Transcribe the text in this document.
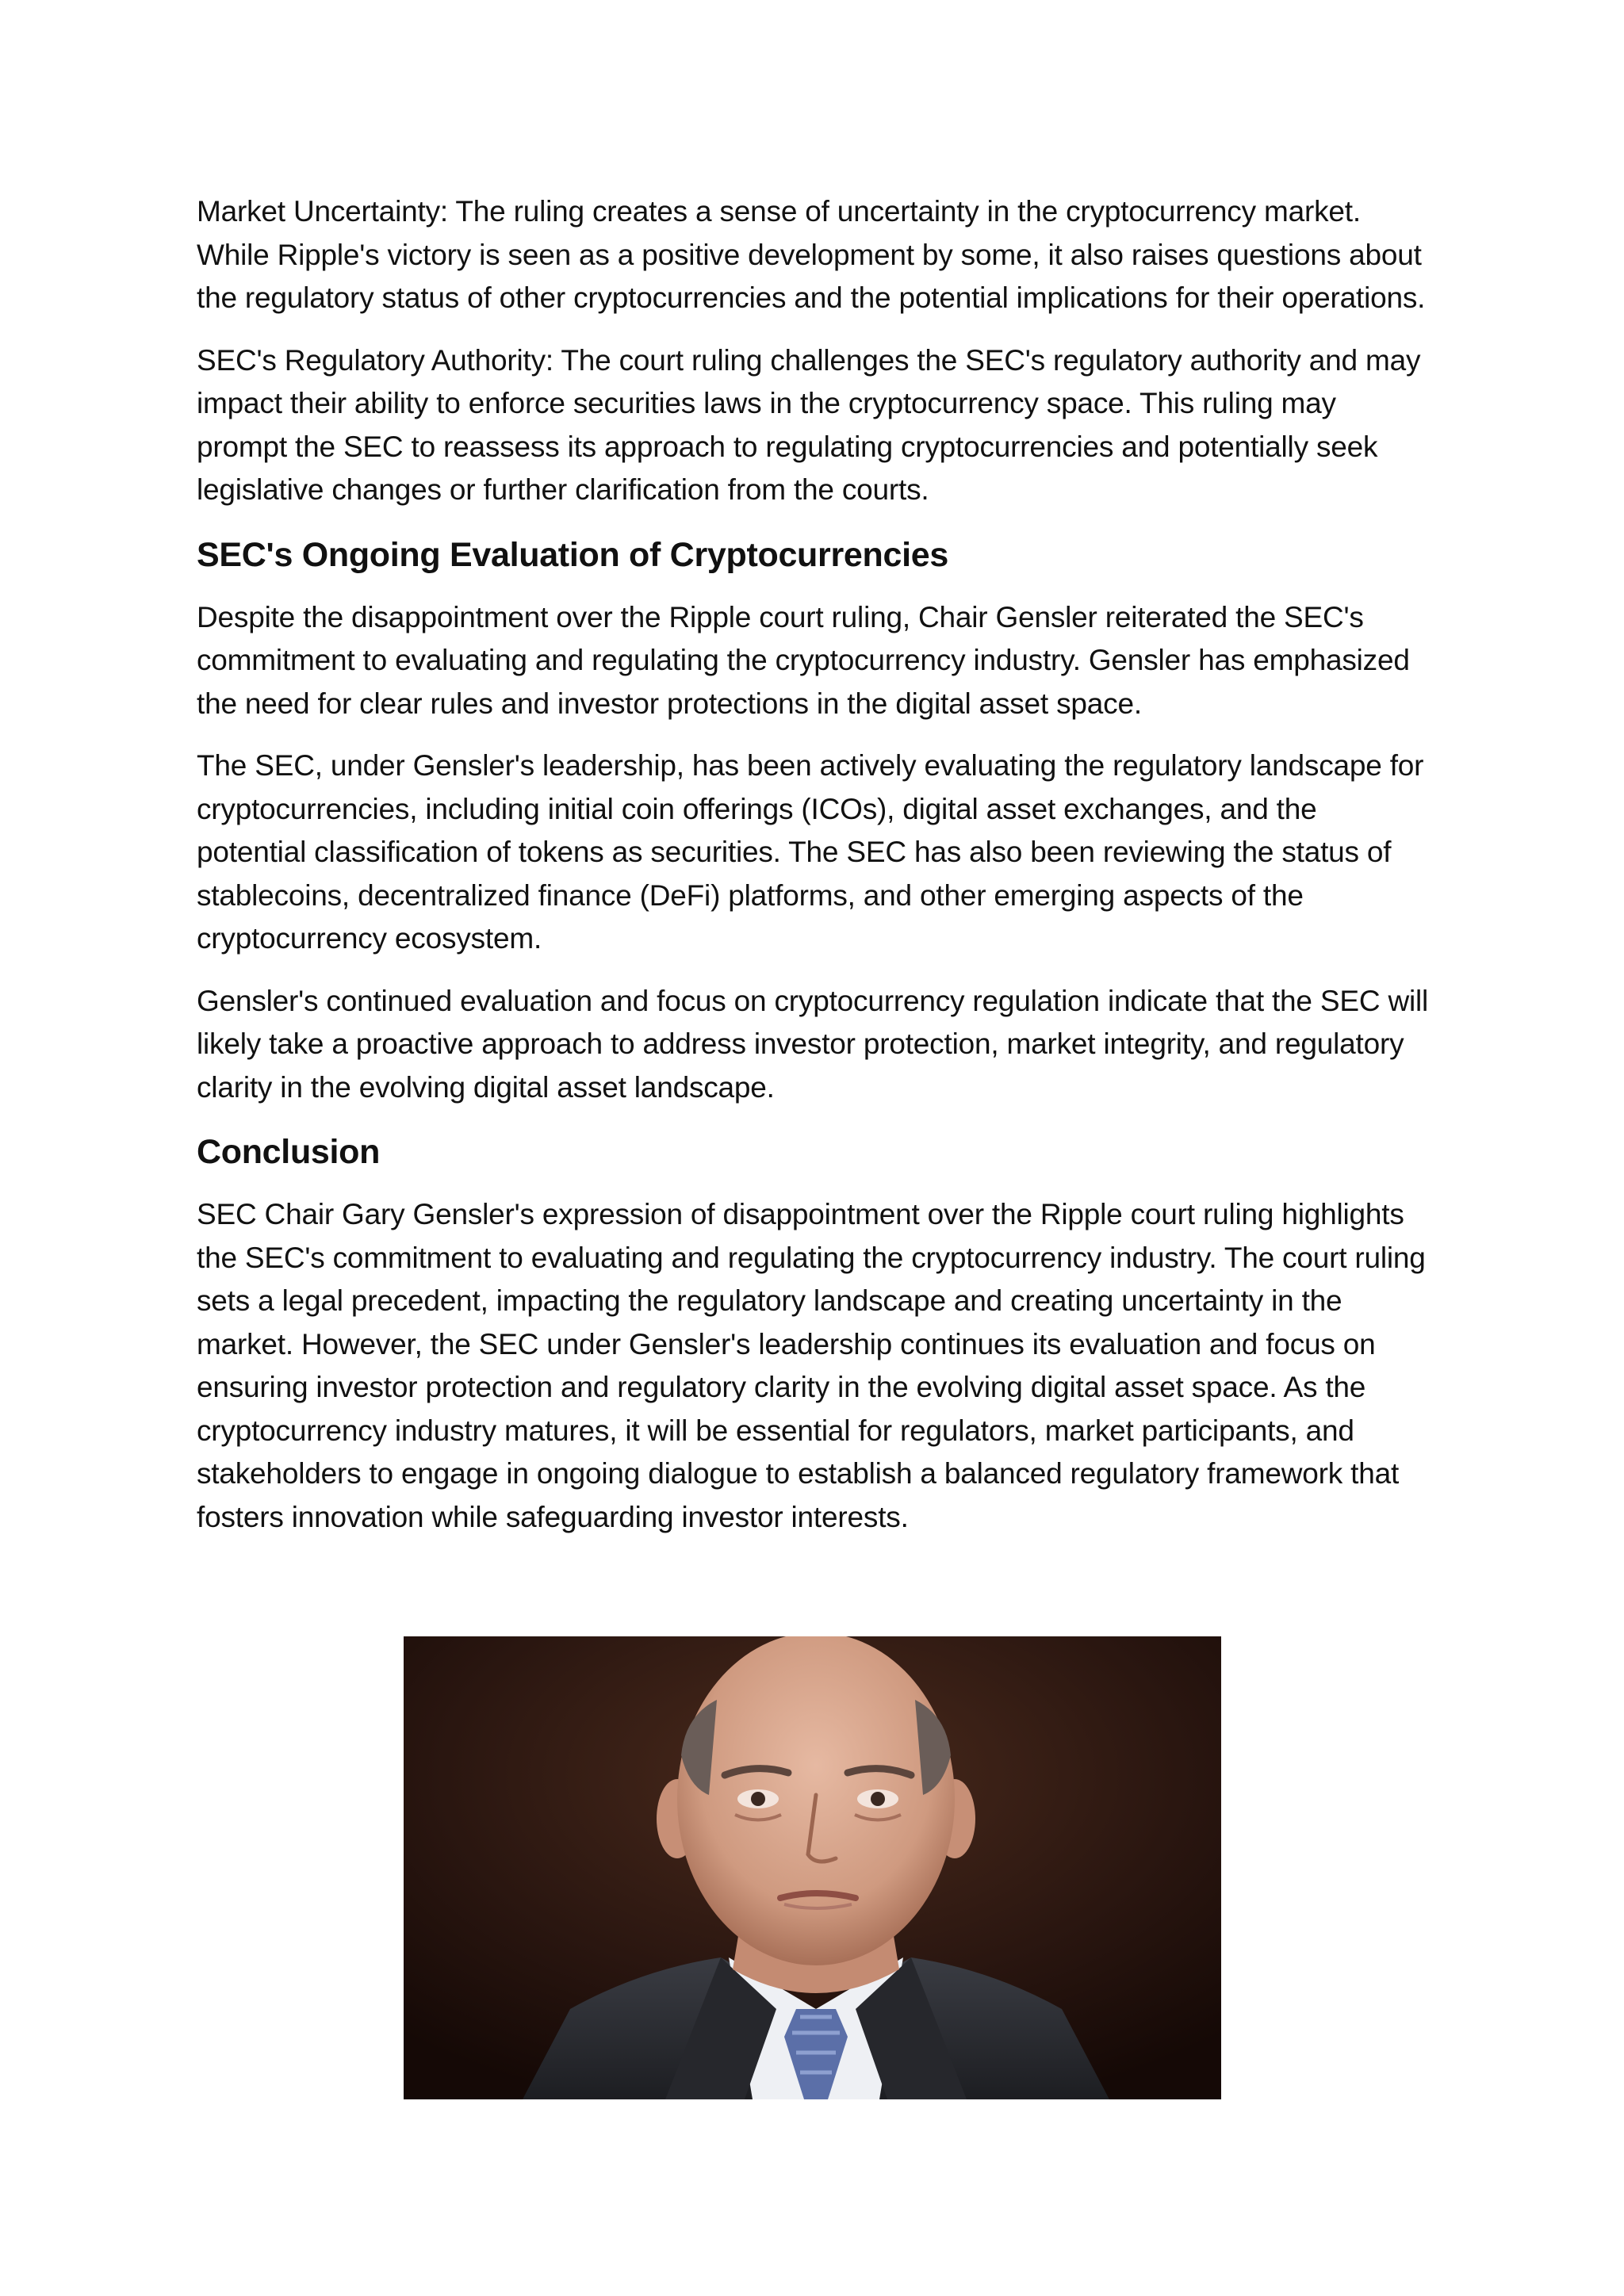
Market Uncertainty: The ruling creates a sense of uncertainty in the cryptocurrency market. While Ripple's victory is seen as a positive development by some, it also raises questions about the regulatory status of other cryptocurrencies and the potential implications for their operations.

SEC's Regulatory Authority: The court ruling challenges the SEC's regulatory authority and may impact their ability to enforce securities laws in the cryptocurrency space. This ruling may prompt the SEC to reassess its approach to regulating cryptocurrencies and potentially seek legislative changes or further clarification from the courts.

SEC's Ongoing Evaluation of Cryptocurrencies

Despite the disappointment over the Ripple court ruling, Chair Gensler reiterated the SEC's commitment to evaluating and regulating the cryptocurrency industry. Gensler has emphasized the need for clear rules and investor protections in the digital asset space.

The SEC, under Gensler's leadership, has been actively evaluating the regulatory landscape for cryptocurrencies, including initial coin offerings (ICOs), digital asset exchanges, and the potential classification of tokens as securities. The SEC has also been reviewing the status of stablecoins, decentralized finance (DeFi) platforms, and other emerging aspects of the cryptocurrency ecosystem.

Gensler's continued evaluation and focus on cryptocurrency regulation indicate that the SEC will likely take a proactive approach to address investor protection, market integrity, and regulatory clarity in the evolving digital asset landscape.

Conclusion

SEC Chair Gary Gensler's expression of disappointment over the Ripple court ruling highlights the SEC's commitment to evaluating and regulating the cryptocurrency industry. The court ruling sets a legal precedent, impacting the regulatory landscape and creating uncertainty in the market. However, the SEC under Gensler's leadership continues its evaluation and focus on ensuring investor protection and regulatory clarity in the evolving digital asset space. As the cryptocurrency industry matures, it will be essential for regulators, market participants, and stakeholders to engage in ongoing dialogue to establish a balanced regulatory framework that fosters innovation while safeguarding investor interests.
